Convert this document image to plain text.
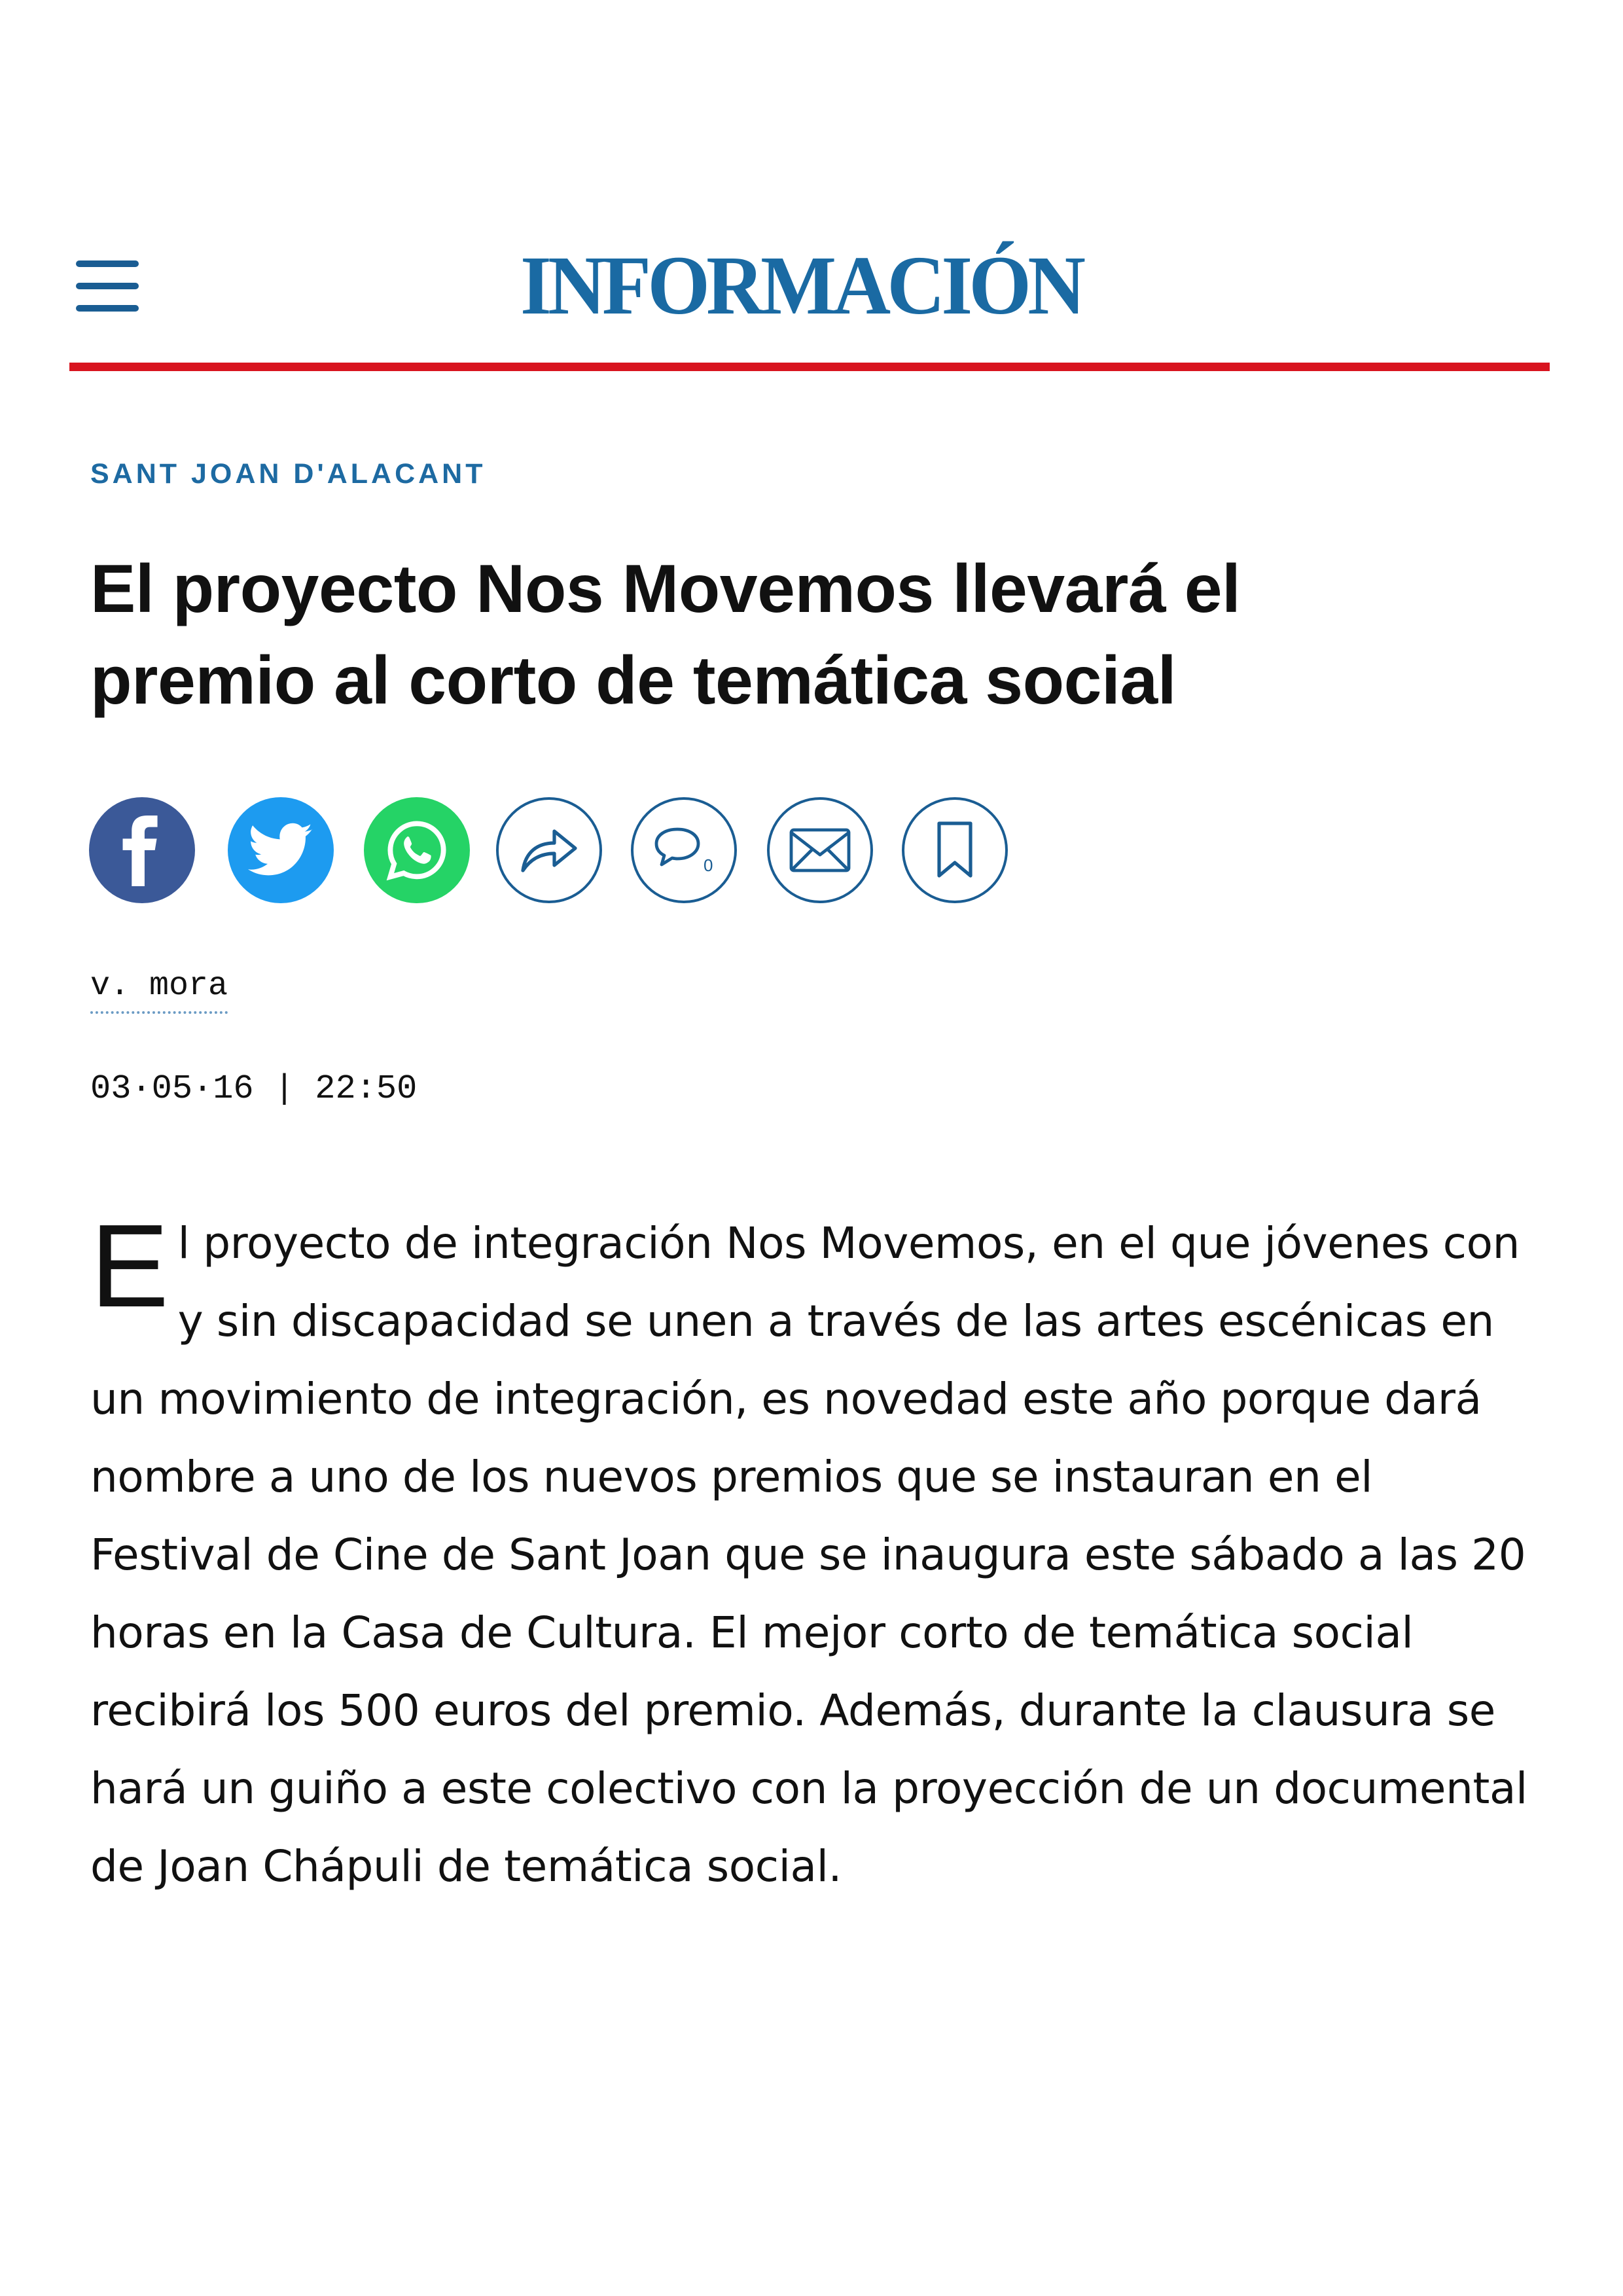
INFORMACIÓN
SANT JOAN D'ALACANT
El proyecto Nos Movemos llevará el
premio al corto de temática social
0
v. mora
03·05·16 | 22:50

El proyecto de integración Nos Movemos, en el que jóvenes con y sin discapacidad se unen a través de las artes escénicas en un movimiento de integración, es novedad este año porque dará nombre a uno de los nuevos premios que se instauran en el Festival de Cine de Sant Joan que se inaugura este sábado a las 20 horas en la Casa de Cultura. El mejor corto de temática social recibirá los 500 euros del premio. Además, durante la clausura se hará un guiño a este colectivo con la proyección de un documental de Joan Chápuli de temática social.
